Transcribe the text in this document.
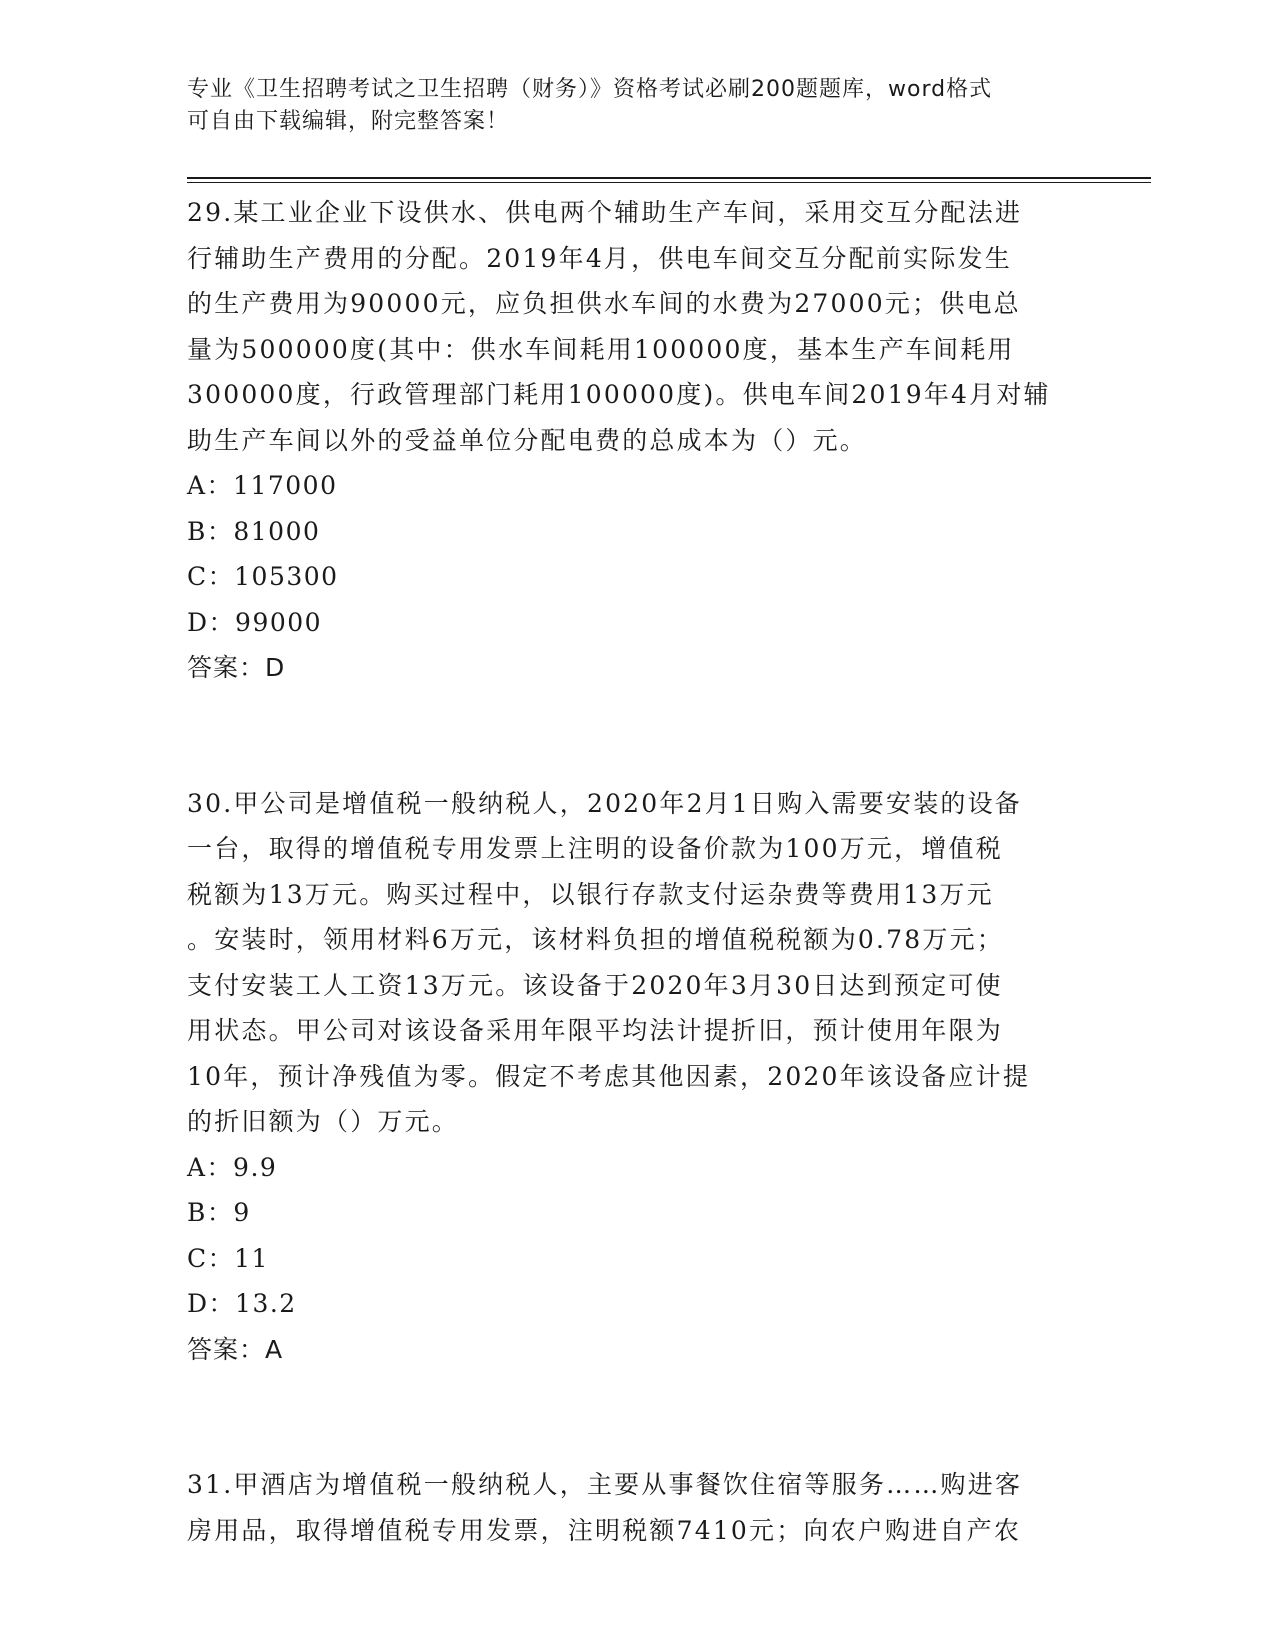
专业《卫生招聘考试之卫生招聘（财务）》资格考试必刷200题题库，word格式
可自由下载编辑，附完整答案！
29.某工业企业下设供水、供电两个辅助生产车间，采用交互分配法进
行辅助生产费用的分配。2019年4月，供电车间交互分配前实际发生
的生产费用为90000元，应负担供水车间的水费为27000元；供电总
量为500000度(其中：供水车间耗用100000度，基本生产车间耗用
300000度，行政管理部门耗用100000度)。供电车间2019年4月对辅
助生产车间以外的受益单位分配电费的总成本为（）元。
A：117000
B：81000
C：105300
D：99000
答案：D
30.甲公司是增值税一般纳税人，2020年2月1日购入需要安装的设备
一台，取得的增值税专用发票上注明的设备价款为100万元，增值税
税额为13万元。购买过程中，以银行存款支付运杂费等费用13万元
。安装时，领用材料6万元，该材料负担的增值税税额为0.78万元；
支付安装工人工资13万元。该设备于2020年3月30日达到预定可使
用状态。甲公司对该设备采用年限平均法计提折旧，预计使用年限为
10年，预计净残值为零。假定不考虑其他因素，2020年该设备应计提
的折旧额为（）万元。
A：9.9
B：9
C：11
D：13.2
答案：A
31.甲酒店为增值税一般纳税人，主要从事餐饮住宿等服务……购进客
房用品，取得增值税专用发票，注明税额7410元；向农户购进自产农
